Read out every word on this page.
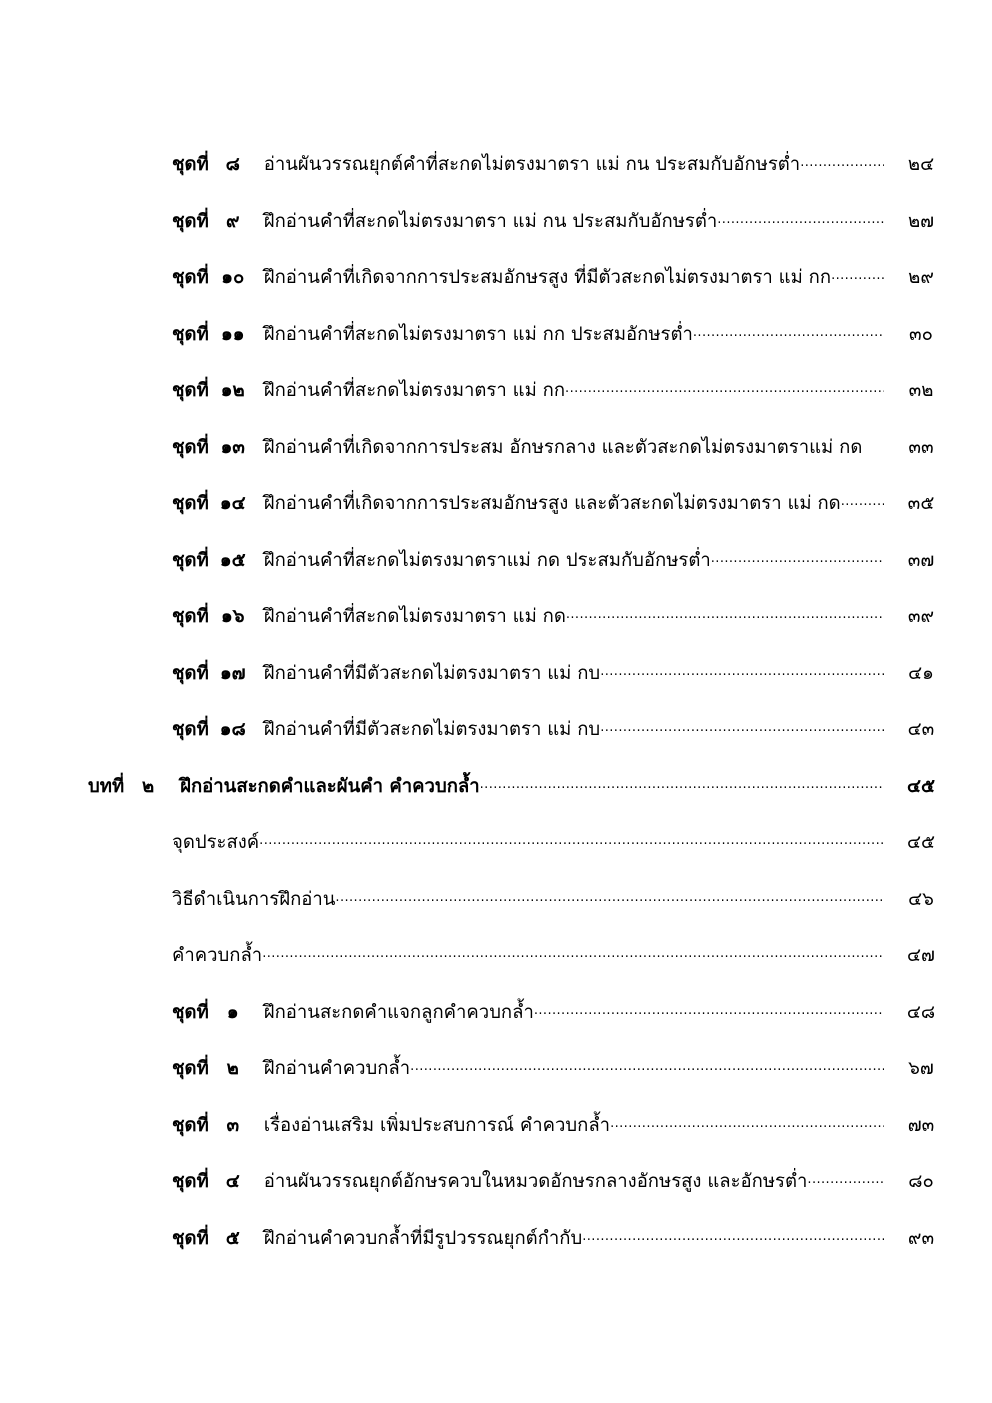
ชุดที่ ๘	อ่านผันวรรณยุกต์คำที่สะกดไม่ตรงมาตรา แม่ กน ประสมกับอักษรต่ำ .....	๒๔
ชุดที่ ๙	ฝึกอ่านคำที่สะกดไม่ตรงมาตรา แม่ กน ประสมกับอักษรต่ำ .....	๒๗
ชุดที่ ๑๐ ฝึกอ่านคำที่เกิดจากการประสมอักษรสูง ที่มีตัวสะกดไม่ตรงมาตรา แม่ กก .....	๒๙
ชุดที่ ๑๑ ฝึกอ่านคำที่สะกดไม่ตรงมาตรา แม่ กก ประสมอักษรต่ำ .....	๓๐
ชุดที่ ๑๒ ฝึกอ่านคำที่สะกดไม่ตรงมาตรา แม่ กก .....	๓๒
ชุดที่ ๑๓ ฝึกอ่านคำที่เกิดจากการประสม อักษรกลาง และตัวสะกดไม่ตรงมาตราแม่ กด	๓๓
ชุดที่ ๑๔ ฝึกอ่านคำที่เกิดจากการประสมอักษรสูง และตัวสะกดไม่ตรงมาตรา แม่ กด .....	๓๕
ชุดที่ ๑๕ ฝึกอ่านคำที่สะกดไม่ตรงมาตราแม่ กด ประสมกับอักษรต่ำ .....	๓๗
ชุดที่ ๑๖ ฝึกอ่านคำที่สะกดไม่ตรงมาตรา แม่ กด .....	๓๙
ชุดที่ ๑๗ ฝึกอ่านคำที่มีตัวสะกดไม่ตรงมาตรา แม่ กบ .....	๔๑
ชุดที่ ๑๘ ฝึกอ่านคำที่มีตัวสะกดไม่ตรงมาตรา แม่ กบ .....	๔๓
บทที่ ๒	ฝึกอ่านสะกดคำและผันคำ คำควบกล้ำ .....	๔๕
จุดประสงค์ .....	๔๕
วิธีดำเนินการฝึกอ่าน .....	๔๖
คำควบกล้ำ .....	๔๗
ชุดที่ ๑	ฝึกอ่านสะกดคำแจกลูกคำควบกล้ำ .....	๔๘
ชุดที่ ๒	ฝึกอ่านคำควบกล้ำ .....	๖๗
ชุดที่ ๓	เรื่องอ่านเสริม เพิ่มประสบการณ์ คำควบกล้ำ .....	๗๓
ชุดที่ ๔	อ่านผันวรรณยุกต์อักษรควบในหมวดอักษรกลางอักษรสูง และอักษรต่ำ .....	๘๐
ชุดที่ ๕	ฝึกอ่านคำควบกล้ำที่มีรูปวรรณยุกต์กำกับ .....	๙๓
